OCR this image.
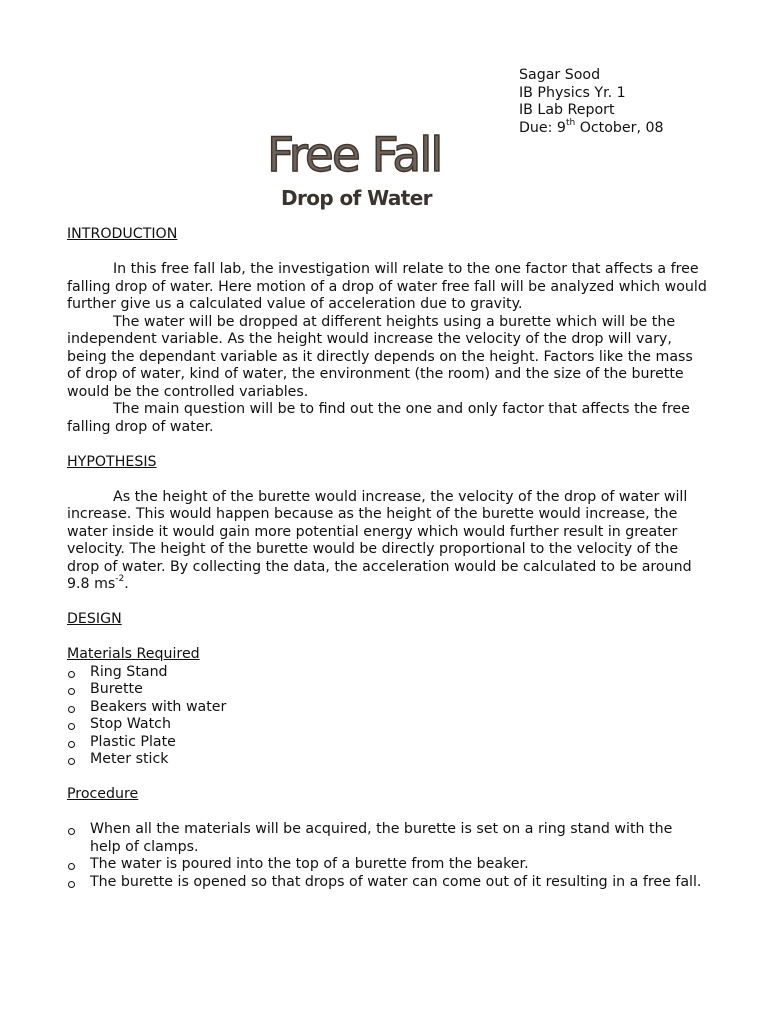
Sagar Sood
IB Physics Yr. 1
IB Lab Report
Due: 9th October, 08
Free Fall
Drop of Water

INTRODUCTION

In this free fall lab, the investigation will relate to the one factor that affects a free falling drop of water. Here motion of a drop of water free fall will be analyzed which would further give us a calculated value of acceleration due to gravity.

The water will be dropped at different heights using a burette which will be the independent variable. As the height would increase the velocity of the drop will vary, being the dependant variable as it directly depends on the height. Factors like the mass of drop of water, kind of water, the environment (the room) and the size of the burette would be the controlled variables.

The main question will be to find out the one and only factor that affects the free falling drop of water.

HYPOTHESIS

As the height of the burette would increase, the velocity of the drop of water will increase. This would happen because as the height of the burette would increase, the water inside it would gain more potential energy which would further result in greater velocity. The height of the burette would be directly proportional to the velocity of the drop of water. By collecting the data, the acceleration would be calculated to be around 9.8 $ms^{-2}$.

DESIGN

Materials Required

Ring Stand
Burette
Beakers with water
Stop Watch
Plastic Plate
Meter stick

Procedure

When all the materials will be acquired, the burette is set on a ring stand with the help of clamps.
The water is poured into the top of a burette from the beaker.
The burette is opened so that drops of water can come out of it resulting in a free fall.
